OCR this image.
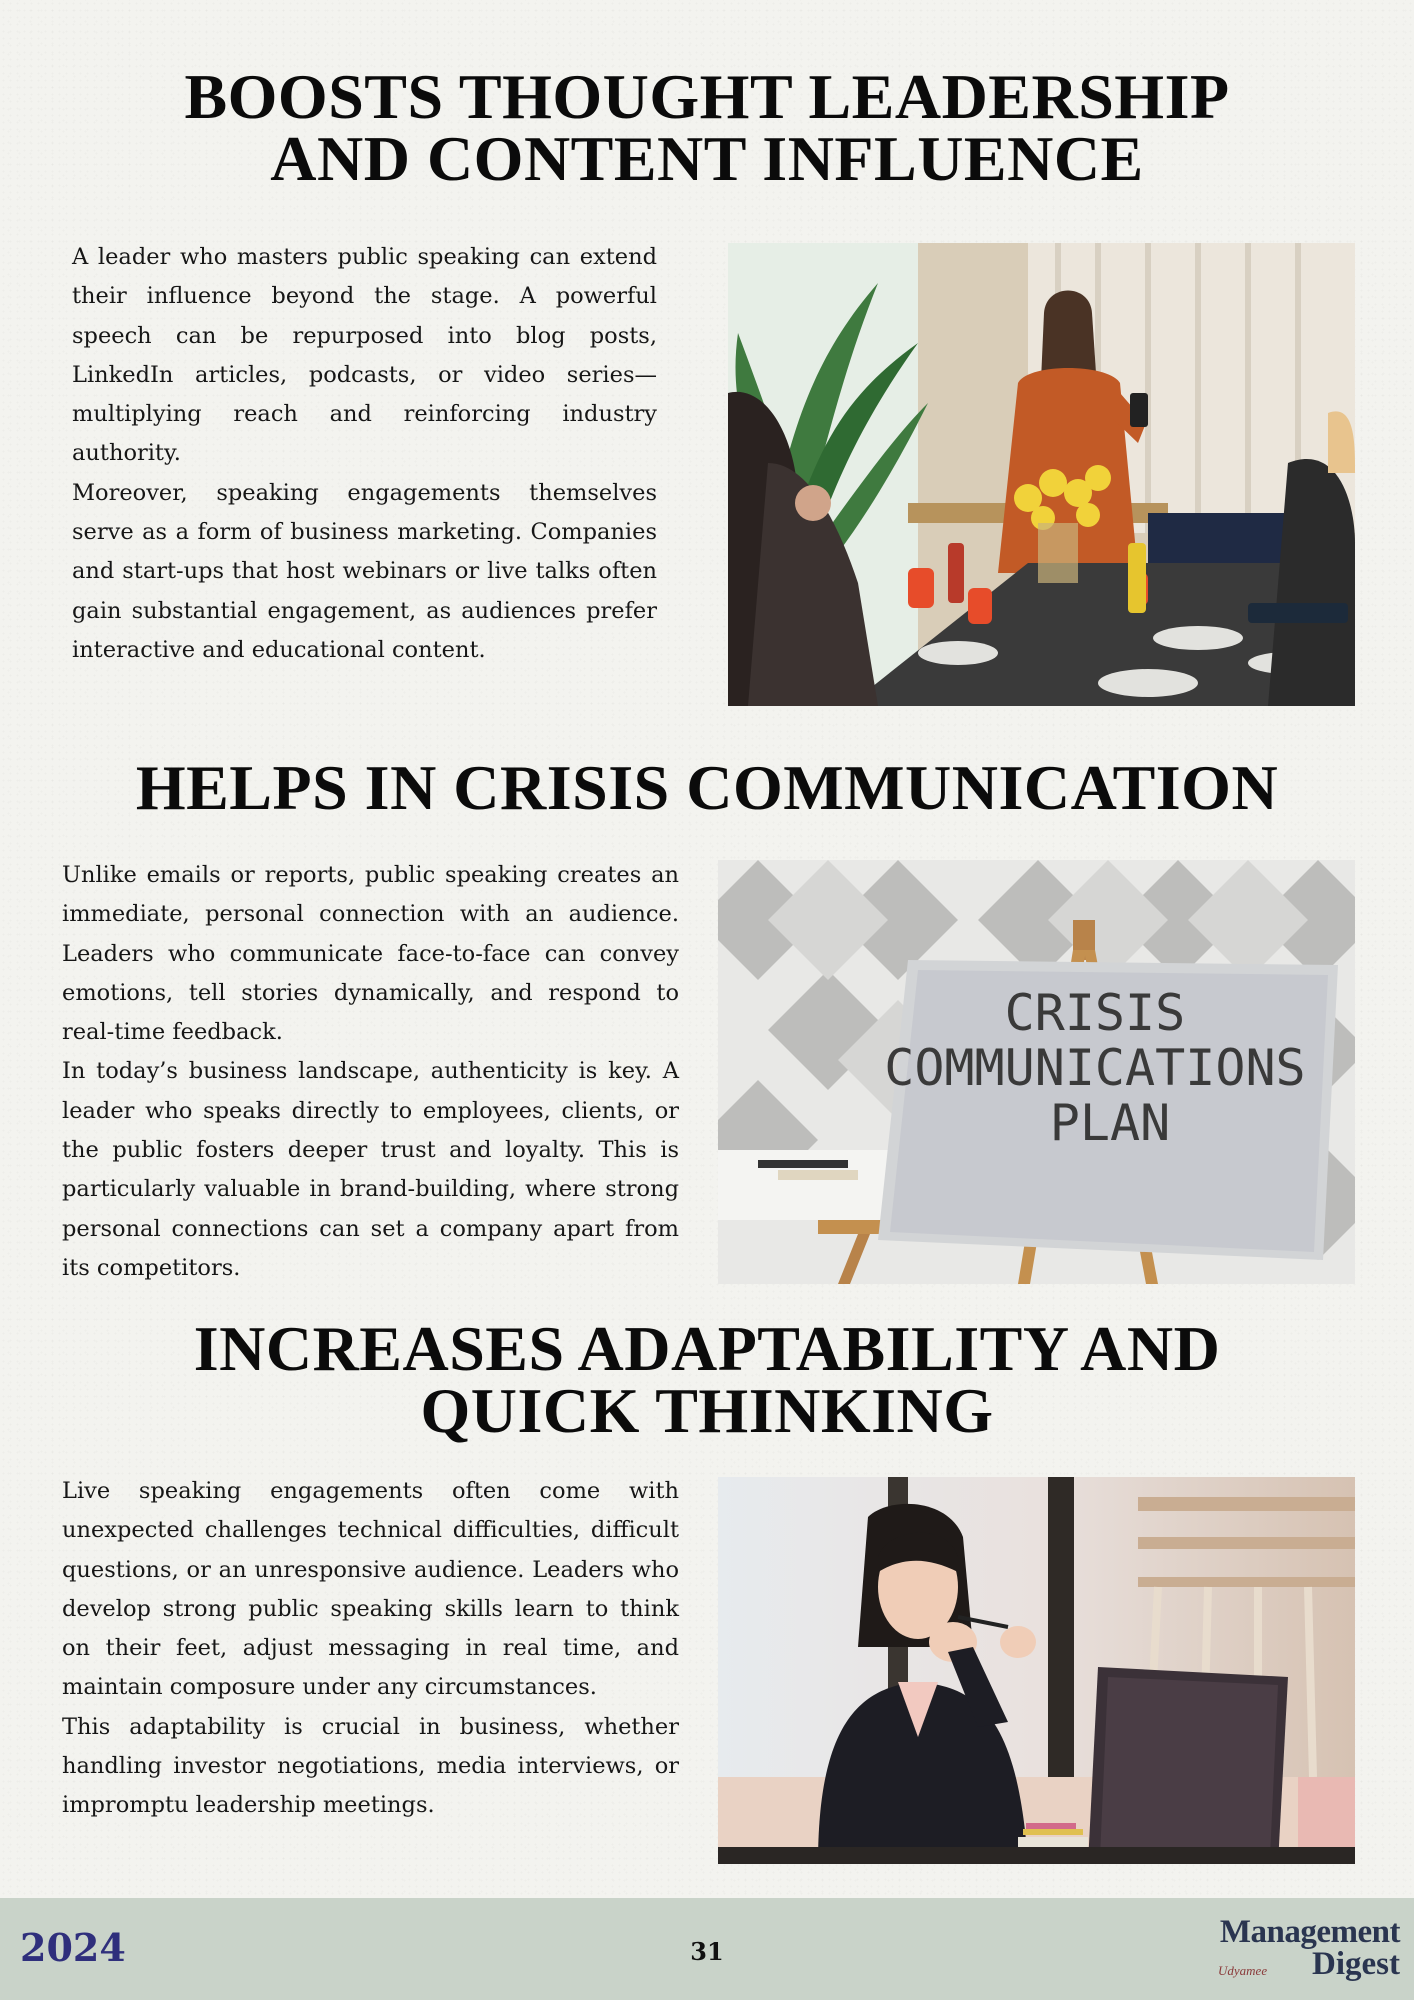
BOOSTS THOUGHT LEADERSHIP
AND CONTENT INFLUENCE

A leader who masters public speaking can extend their influence beyond the stage. A powerful speech can be repurposed into blog posts, LinkedIn articles, podcasts, or video series—multiplying reach and reinforcing industry authority.

Moreover, speaking engagements themselves serve as a form of business marketing. Companies and start-ups that host webinars or live talks often gain substantial engagement, as audiences prefer interactive and educational content.

HELPS IN CRISIS COMMUNICATION

Unlike emails or reports, public speaking creates an immediate, personal connection with an audience. Leaders who communicate face-to-face can convey emotions, tell stories dynamically, and respond to real-time feedback.

In today’s business landscape, authenticity is key. A leader who speaks directly to employees, clients, or the public fosters deeper trust and loyalty. This is particularly valuable in brand-building, where strong personal connections can set a company apart from its competitors.

CRISIS COMMUNICATIONS PLAN
INCREASES ADAPTABILITY AND
QUICK THINKING

Live speaking engagements often come with unexpected challenges technical difficulties, difficult questions, or an unresponsive audience. Leaders who develop strong public speaking skills learn to think on their feet, adjust messaging in real time, and maintain composure under any circumstances.

This adaptability is crucial in business, whether handling investor negotiations, media interviews, or impromptu leadership meetings.

2024	31
Management
Digest
Udyamee
